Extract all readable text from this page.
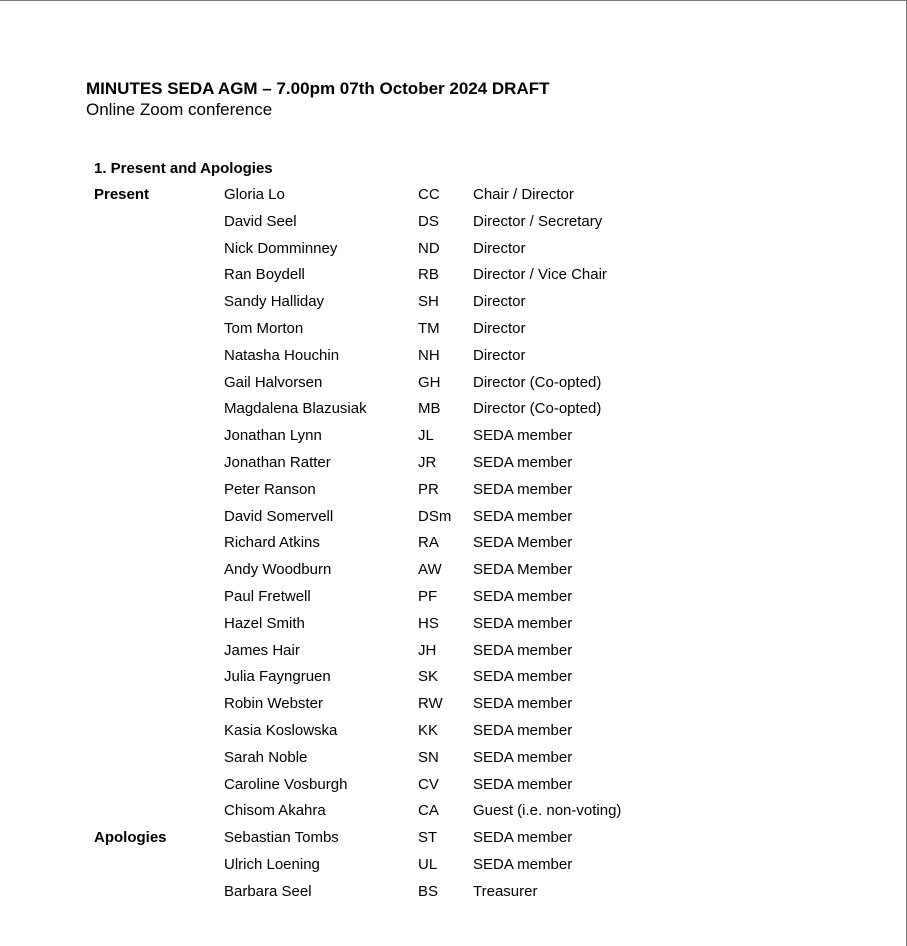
MINUTES SEDA AGM – 7.00pm 07th October 2024 DRAFT
Online Zoom conference
1. Present and Apologies
Present	Gloria Lo	CC Chair / Director
David Seel	DS Director / Secretary
Nick Domminney	ND Director
Ran Boydell	RB Director / Vice Chair
Sandy Halliday	SH Director
Tom Morton	TM Director
Natasha Houchin	NH Director
Gail Halvorsen	GH Director (Co-opted)
Magdalena Blazusiak	MB Director (Co-opted)
Jonathan Lynn	JL	SEDA member
Jonathan Ratter	JR SEDA member
Peter Ranson	PR SEDA member
David Somervell	DSm SEDA member
Richard Atkins	RA SEDA Member
Andy Woodburn	AW SEDA Member
Paul Fretwell	PF SEDA member
Hazel Smith	HS SEDA member
James Hair	JH SEDA member
Julia Fayngruen	SK SEDA member
Robin Webster	RW SEDA member
Kasia Koslowska	KK SEDA member
Sarah Noble	SN SEDA member
Caroline Vosburgh	CV SEDA member
Chisom Akahra	CA Guest (i.e. non-voting)
Apologies	Sebastian Tombs	ST SEDA member
Ulrich Loening	UL SEDA member
Barbara Seel	BS Treasurer
